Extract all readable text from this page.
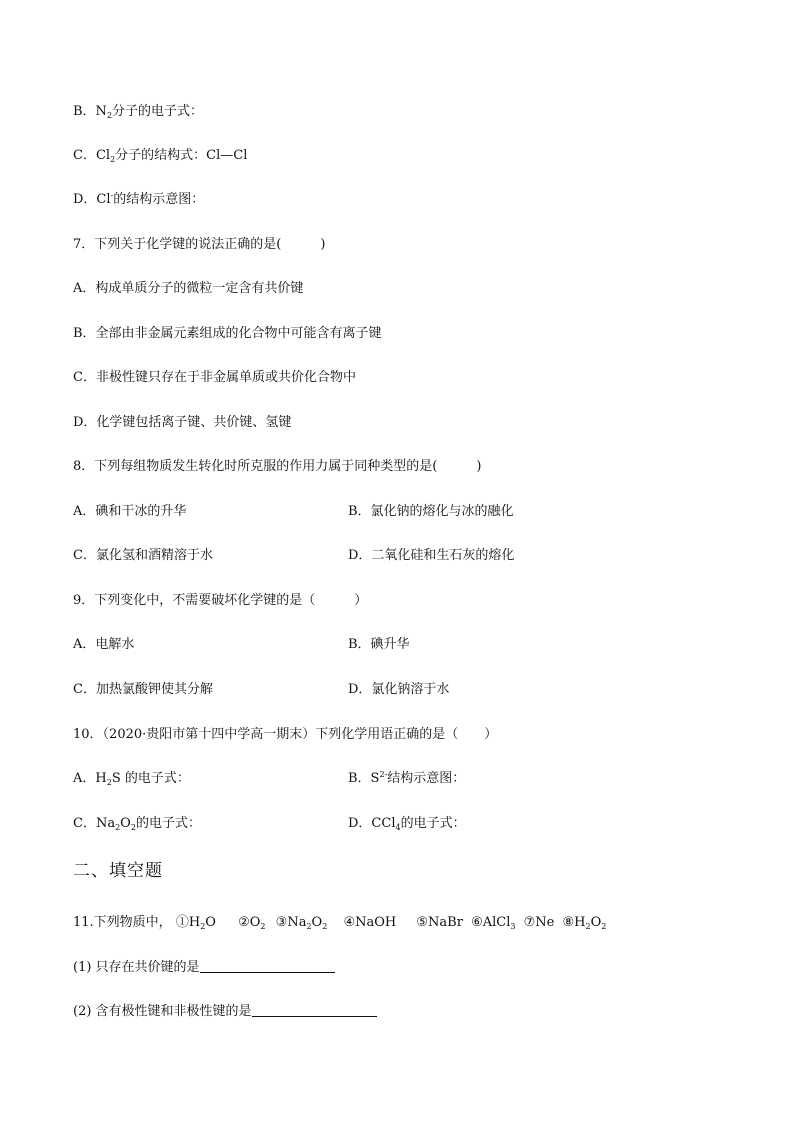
B．$N_2$分子的电子式：
C．$Cl_2$分子的结构式：Cl—Cl
D．Cl-的结构示意图：
7．下列关于化学键的说法正确的是(　　　)
A．构成单质分子的微粒一定含有共价键
B．全部由非金属元素组成的化合物中可能含有离子键
C．非极性键只存在于非金属单质或共价化合物中
D．化学键包括离子键、共价键、氢键
8．下列每组物质发生转化时所克服的作用力属于同种类型的是(　　　)
A．碘和干冰的升华	B．氯化钠的熔化与冰的融化
C．氯化氢和酒精溶于水	D．二氧化硅和生石灰的熔化
9．下列变化中，不需要破坏化学键的是（　　　）
A．电解水	B．碘升华
C．加热氯酸钾使其分解	D．氯化钠溶于水
10．（2020·贵阳市第十四中学高一期末）下列化学用语正确的是（　　）
A．$H_2S$ 的电子式：	B．$S^{2-}$结构示意图：
C．$Na_2O_2$的电子式：	D．CCl$_4$的电子式：
二、填空题
11.下列物质中， $①H_2O$ $②O_2$ $③Na_2O_2$ ④NaOH ⑤NaBr ⑥AlCl$_3$ ⑦Ne $⑧H_2O_2$
(1) 只存在共价键的是
(2) 含有极性键和非极性键的是
